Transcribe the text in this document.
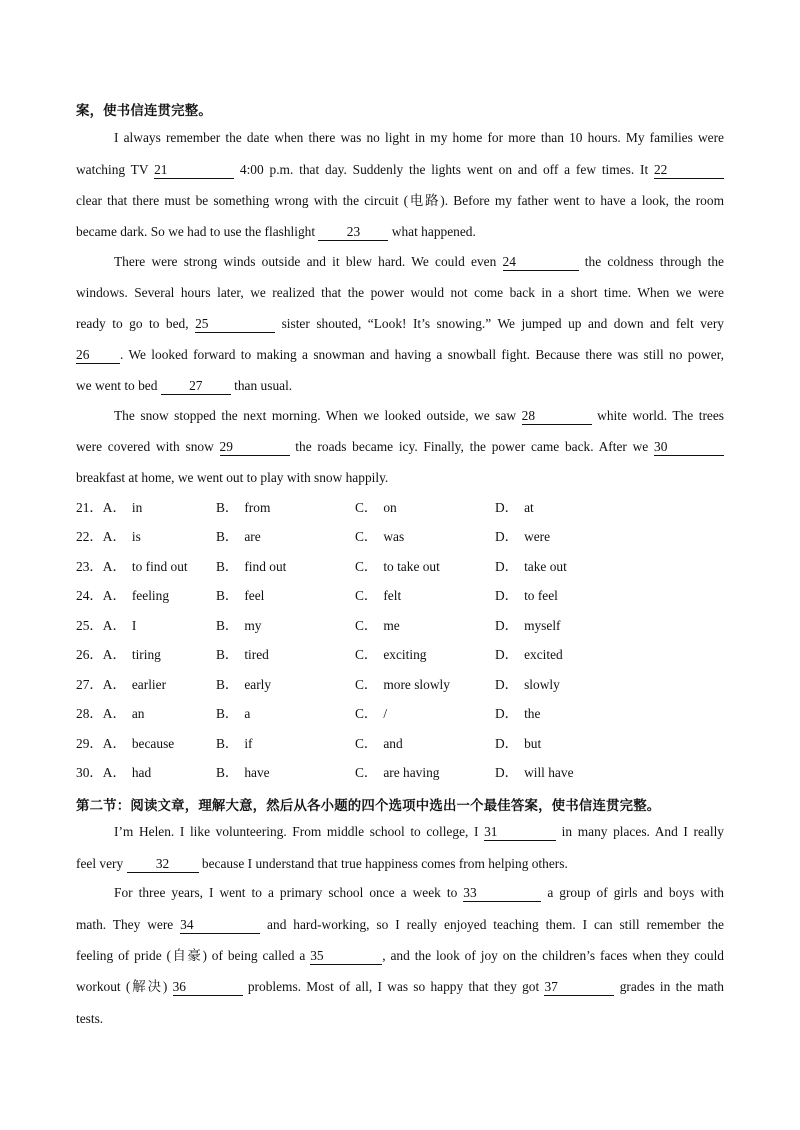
案，使书信连贯完整。
I always remember the date when there was no light in my home for more than 10 hours. My families were
watching TV 21	4:00 p.m. that day. Suddenly the lights went on and off a few times. It 22
clear that there must be something wrong with the circuit (电路). Before my father went to have a look, the room
became dark. So we had to use the flashlight 23 what happened.
There were strong winds outside and it blew hard. We could even 24	the coldness through the
windows. Several hours later, we realized that the power would not come back in a short time. When we were
ready to go to bed, 25	sister shouted, “Look! It’s snowing.” We jumped up and down and felt very
26 . We looked forward to making a snowman and having a snowball fight. Because there was still no power,
we went to bed 27 than usual.
The snow stopped the next morning. When we looked outside, we saw 28	white world. The trees
were covered with snow 29	the roads became icy. Finally, the power came back. After we 30
breakfast at home, we went out to play with snow happily.
21．A． in	B． from	C． on	D． at
22．A． is	B． are	C． was	D． were
23．A． to find out B． find out	C． to take out	D． take out
24．A． feeling	B． feel	C． felt	D． to feel
25．A． I	B． my	C． me	D． myself
26．A． tiring	B． tired	C． exciting	D． excited
27．A． earlier	B． early	C． more slowly	D． slowly
28．A． an	B． a	C． /	D． the
29．A． because	B． if	C． and	D． but
30．A． had	B． have	C． are having	D． will have
第二节：阅读文章，理解大意，然后从各小题的四个选项中选出一个最佳答案，使书信连贯完整。
I’m Helen. I like volunteering. From middle school to college, I 31	in many places. And I really
feel very 32 because I understand that true happiness comes from helping others.
For three years, I went to a primary school once a week to 33	a group of girls and boys with
math. They were 34	and hard-working, so I really enjoyed teaching them. I can still remember the
feeling of pride (自豪) of being called a 35	, and the look of joy on the children’s faces when they could
workout (解决) 36	problems. Most of all, I was so happy that they got 37	grades in the math
tests.
